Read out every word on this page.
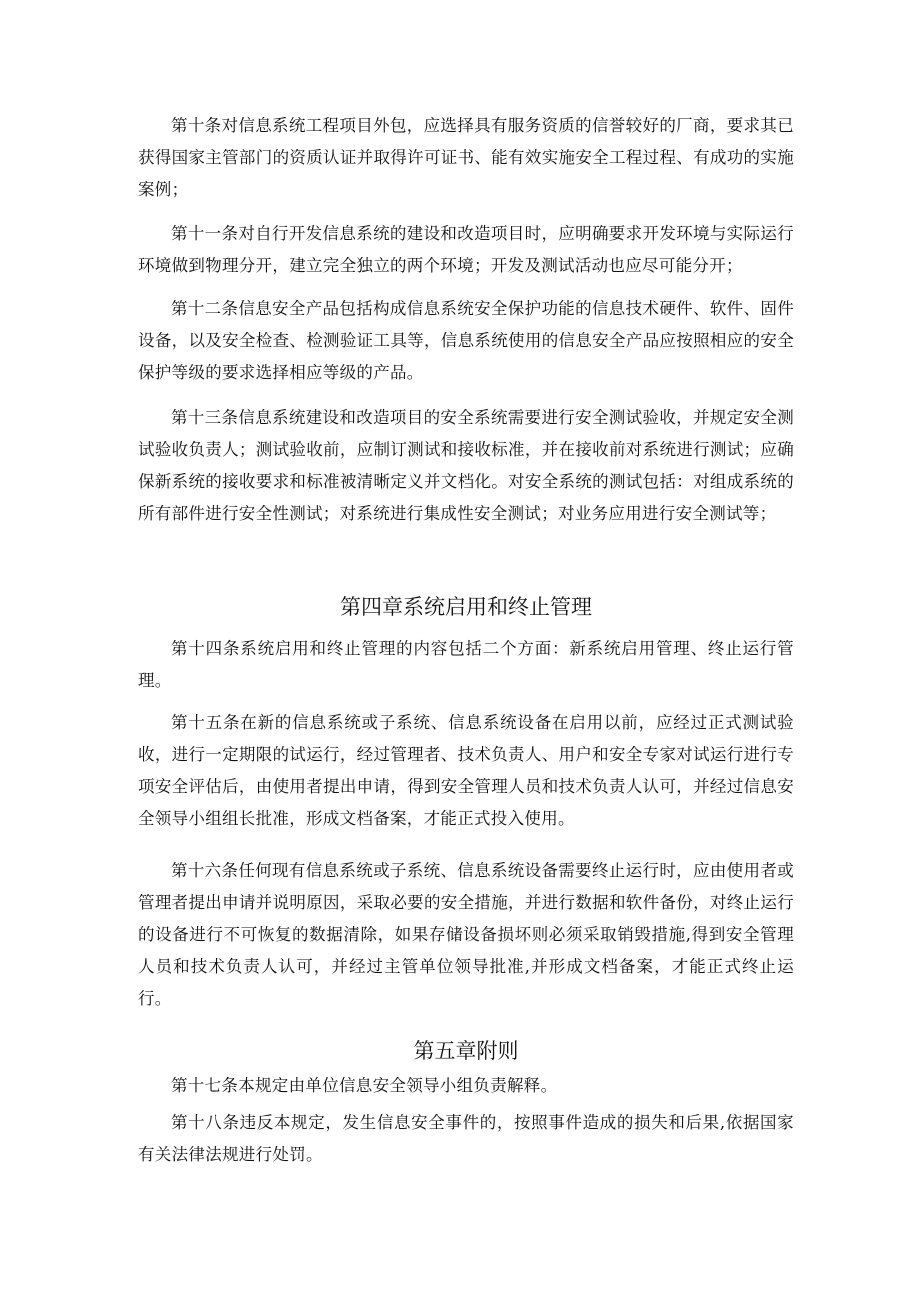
第十条对信息系统工程项目外包，应选择具有服务资质的信誉较好的厂商，要求其已获得国家主管部门的资质认证并取得许可证书、能有效实施安全工程过程、有成功的实施案例；

第十一条对自行开发信息系统的建设和改造项目时，应明确要求开发环境与实际运行环境做到物理分开，建立完全独立的两个环境；开发及测试活动也应尽可能分开；

第十二条信息安全产品包括构成信息系统安全保护功能的信息技术硬件、软件、固件设备，以及安全检查、检测验证工具等，信息系统使用的信息安全产品应按照相应的安全保护等级的要求选择相应等级的产品。

第十三条信息系统建设和改造项目的安全系统需要进行安全测试验收，并规定安全测试验收负责人；测试验收前，应制订测试和接收标准，并在接收前对系统进行测试；应确保新系统的接收要求和标准被清晰定义并文档化。对安全系统的测试包括：对组成系统的所有部件进行安全性测试；对系统进行集成性安全测试；对业务应用进行安全测试等；

第四章系统启用和终止管理

第十四条系统启用和终止管理的内容包括二个方面：新系统启用管理、终止运行管理。

第十五条在新的信息系统或子系统、信息系统设备在启用以前，应经过正式测试验收，进行一定期限的试运行，经过管理者、技术负责人、用户和安全专家对试运行进行专项安全评估后，由使用者提出申请，得到安全管理人员和技术负责人认可，并经过信息安全领导小组组长批准，形成文档备案，才能正式投入使用。

第十六条任何现有信息系统或子系统、信息系统设备需要终止运行时，应由使用者或管理者提出申请并说明原因，采取必要的安全措施，并进行数据和软件备份，对终止运行的设备进行不可恢复的数据清除，如果存储设备损坏则必须采取销毁措施,得到安全管理人员和技术负责人认可，并经过主管单位领导批准,并形成文档备案，才能正式终止运行。

第五章附则

第十七条本规定由单位信息安全领导小组负责解释。

第十八条违反本规定，发生信息安全事件的，按照事件造成的损失和后果,依据国家有关法律法规进行处罚。
